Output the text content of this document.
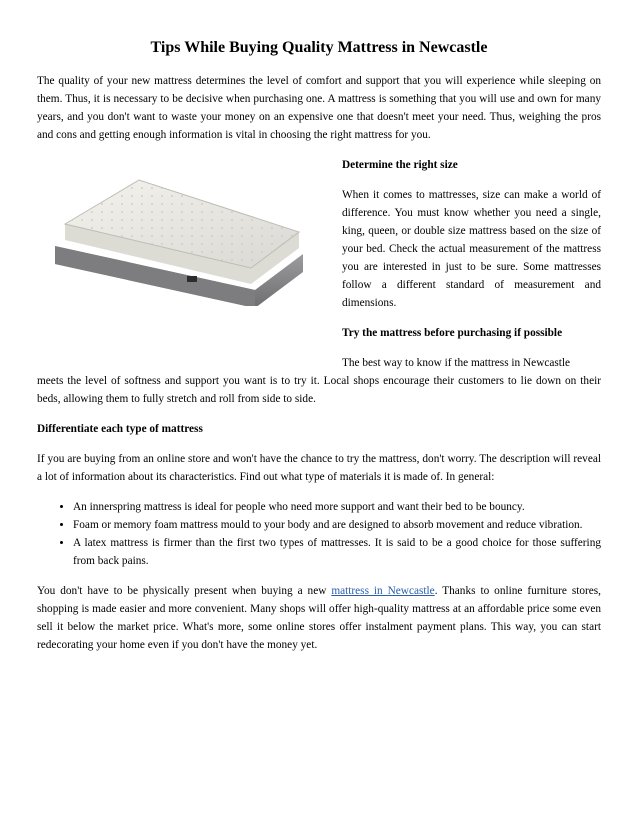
Tips While Buying Quality Mattress in Newcastle

The quality of your new mattress determines the level of comfort and support that you will experience while sleeping on them. Thus, it is necessary to be decisive when purchasing one. A mattress is something that you will use and own for many years, and you don't want to waste your money on an expensive one that doesn't meet your need. Thus, weighing the pros and cons and getting enough information is vital in choosing the right mattress for you.

Determine the right size

When it comes to mattresses, size can make a world of difference. You must know whether you need a single, king, queen, or double size mattress based on the size of your bed. Check the actual measurement of the mattress you are interested in just to be sure. Some mattresses follow a different standard of measurement and dimensions.

Try the mattress before purchasing if possible

The best way to know if the mattress in Newcastle

meets the level of softness and support you want is to try it. Local shops encourage their customers to lie down on their beds, allowing them to fully stretch and roll from side to side.

Differentiate each type of mattress

If you are buying from an online store and won't have the chance to try the mattress, don't worry. The description will reveal a lot of information about its characteristics. Find out what type of materials it is made of. In general:

• An innerspring mattress is ideal for people who need more support and want their bed to be bouncy.
• Foam or memory foam mattress mould to your body and are designed to absorb movement and reduce vibration.
• A latex mattress is firmer than the first two types of mattresses. It is said to be a good choice for those suffering from back pains.

You don't have to be physically present when buying a new mattress in Newcastle. Thanks to online furniture stores, shopping is made easier and more convenient. Many shops will offer high-quality mattress at an affordable price some even sell it below the market price. What's more, some online stores offer instalment payment plans. This way, you can start redecorating your home even if you don't have the money yet.
